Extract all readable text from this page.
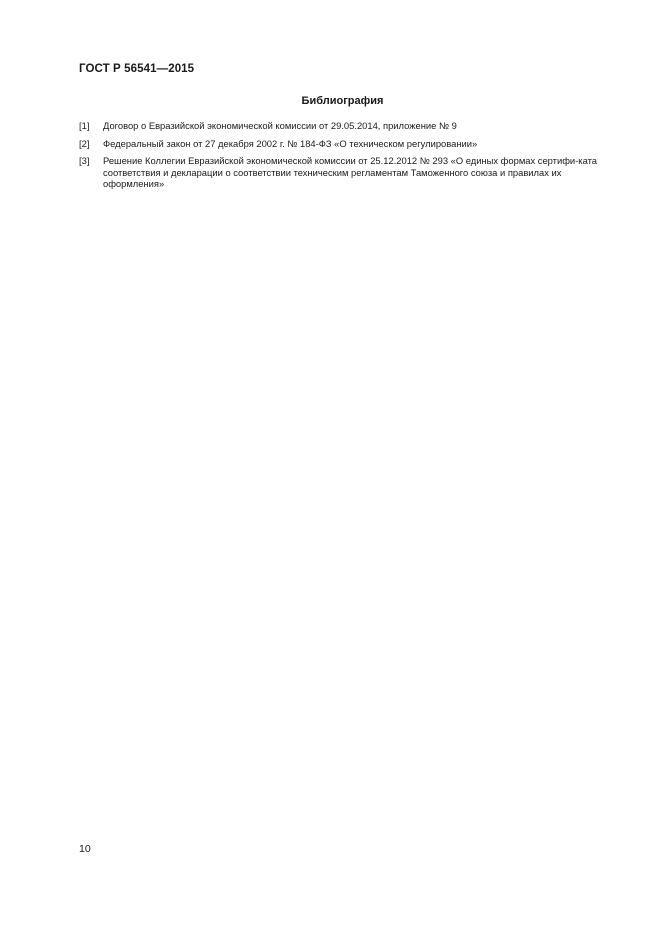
ГОСТ Р 56541—2015
Библиография
[1]	Договор о Евразийской экономической комиссии от 29.05.2014, приложение № 9
[2]	Федеральный закон от 27 декабря 2002 г. № 184-ФЗ «О техническом регулировании»
[3]	Решение Коллегии Евразийской экономической комиссии от 25.12.2012 № 293 «О единых формах сертифи-ката соответствия и декларации о соответствии техническим регламентам Таможенного союза и правилах их оформления»
10
